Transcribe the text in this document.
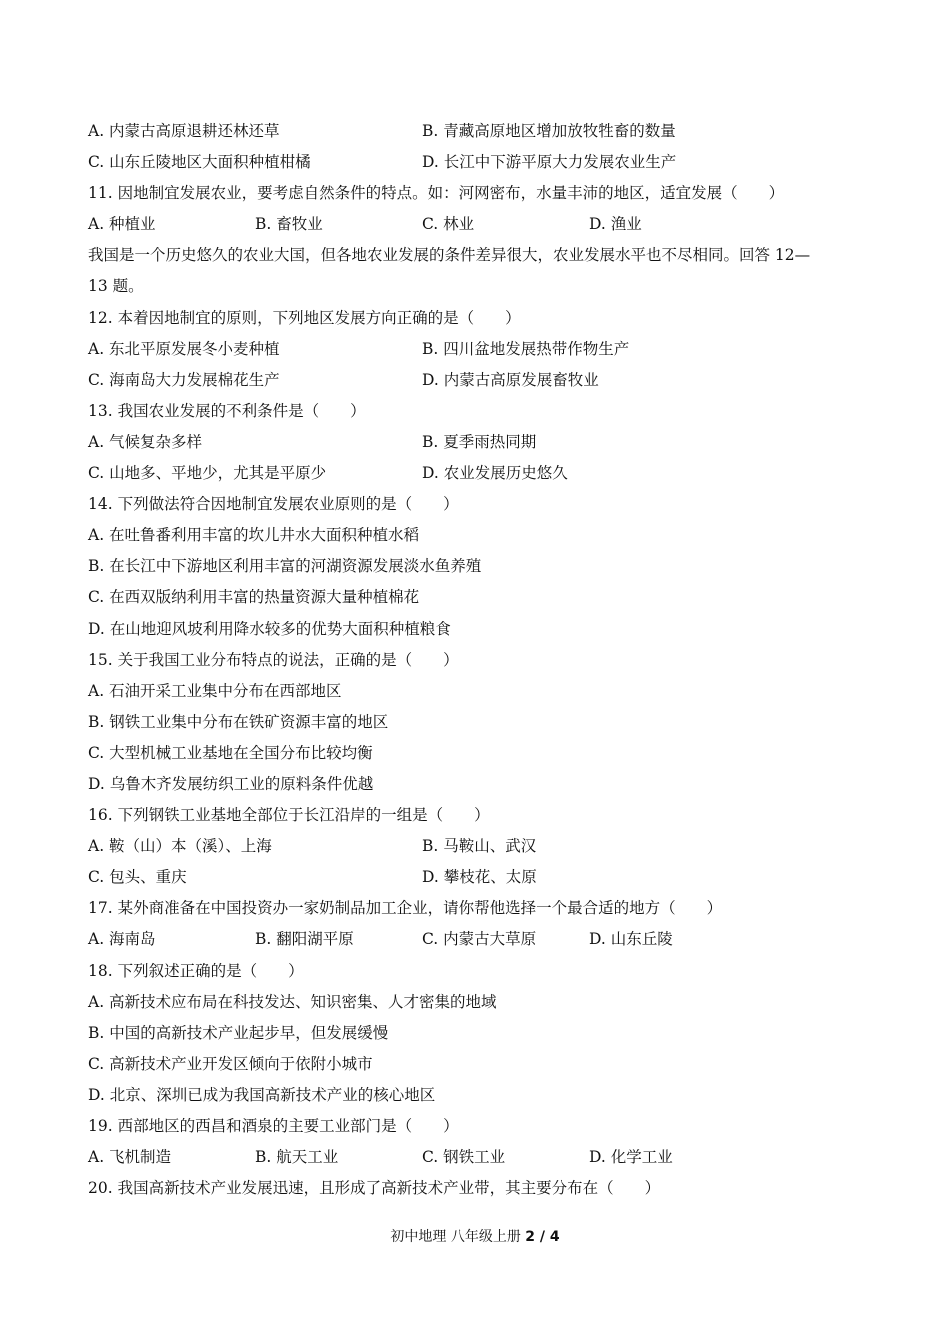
A. 内蒙古高原退耕还林还草	B. 青藏高原地区增加放牧牲畜的数量
C. 山东丘陵地区大面积种植柑橘	D. 长江中下游平原大力发展农业生产
11. 因地制宜发展农业，要考虑自然条件的特点。如：河网密布，水量丰沛的地区，适宜发展（　　）
A. 种植业	B. 畜牧业	C. 林业	D. 渔业
我国是一个历史悠久的农业大国，但各地农业发展的条件差异很大，农业发展水平也不尽相同。回答 12—
13 题。
12. 本着因地制宜的原则，下列地区发展方向正确的是（　　）
A. 东北平原发展冬小麦种植	B. 四川盆地发展热带作物生产
C. 海南岛大力发展棉花生产	D. 内蒙古高原发展畜牧业
13. 我国农业发展的不利条件是（　　）
A. 气候复杂多样	B. 夏季雨热同期
C. 山地多、平地少，尤其是平原少	D. 农业发展历史悠久
14. 下列做法符合因地制宜发展农业原则的是（　　）
A. 在吐鲁番利用丰富的坎儿井水大面积种植水稻
B. 在长江中下游地区利用丰富的河湖资源发展淡水鱼养殖
C. 在西双版纳利用丰富的热量资源大量种植棉花
D. 在山地迎风坡利用降水较多的优势大面积种植粮食
15. 关于我国工业分布特点的说法，正确的是（　　）
A. 石油开采工业集中分布在西部地区
B. 钢铁工业集中分布在铁矿资源丰富的地区
C. 大型机械工业基地在全国分布比较均衡
D. 乌鲁木齐发展纺织工业的原料条件优越
16. 下列钢铁工业基地全部位于长江沿岸的一组是（　　）
A. 鞍（山）本（溪）、上海	B. 马鞍山、武汉
C. 包头、重庆	D. 攀枝花、太原
17. 某外商准备在中国投资办一家奶制品加工企业，请你帮他选择一个最合适的地方（　　）
A. 海南岛	B. 翻阳湖平原	C. 内蒙古大草原	D. 山东丘陵
18. 下列叙述正确的是（　　）
A. 高新技术应布局在科技发达、知识密集、人才密集的地域
B. 中国的高新技术产业起步早，但发展缓慢
C. 高新技术产业开发区倾向于依附小城市
D. 北京、深圳已成为我国高新技术产业的核心地区
19. 西部地区的西昌和酒泉的主要工业部门是（　　）
A. 飞机制造	B. 航天工业	C. 钢铁工业	D. 化学工业
20. 我国高新技术产业发展迅速，且形成了高新技术产业带，其主要分布在（　　）
初中地理 八年级上册 2 / 4
